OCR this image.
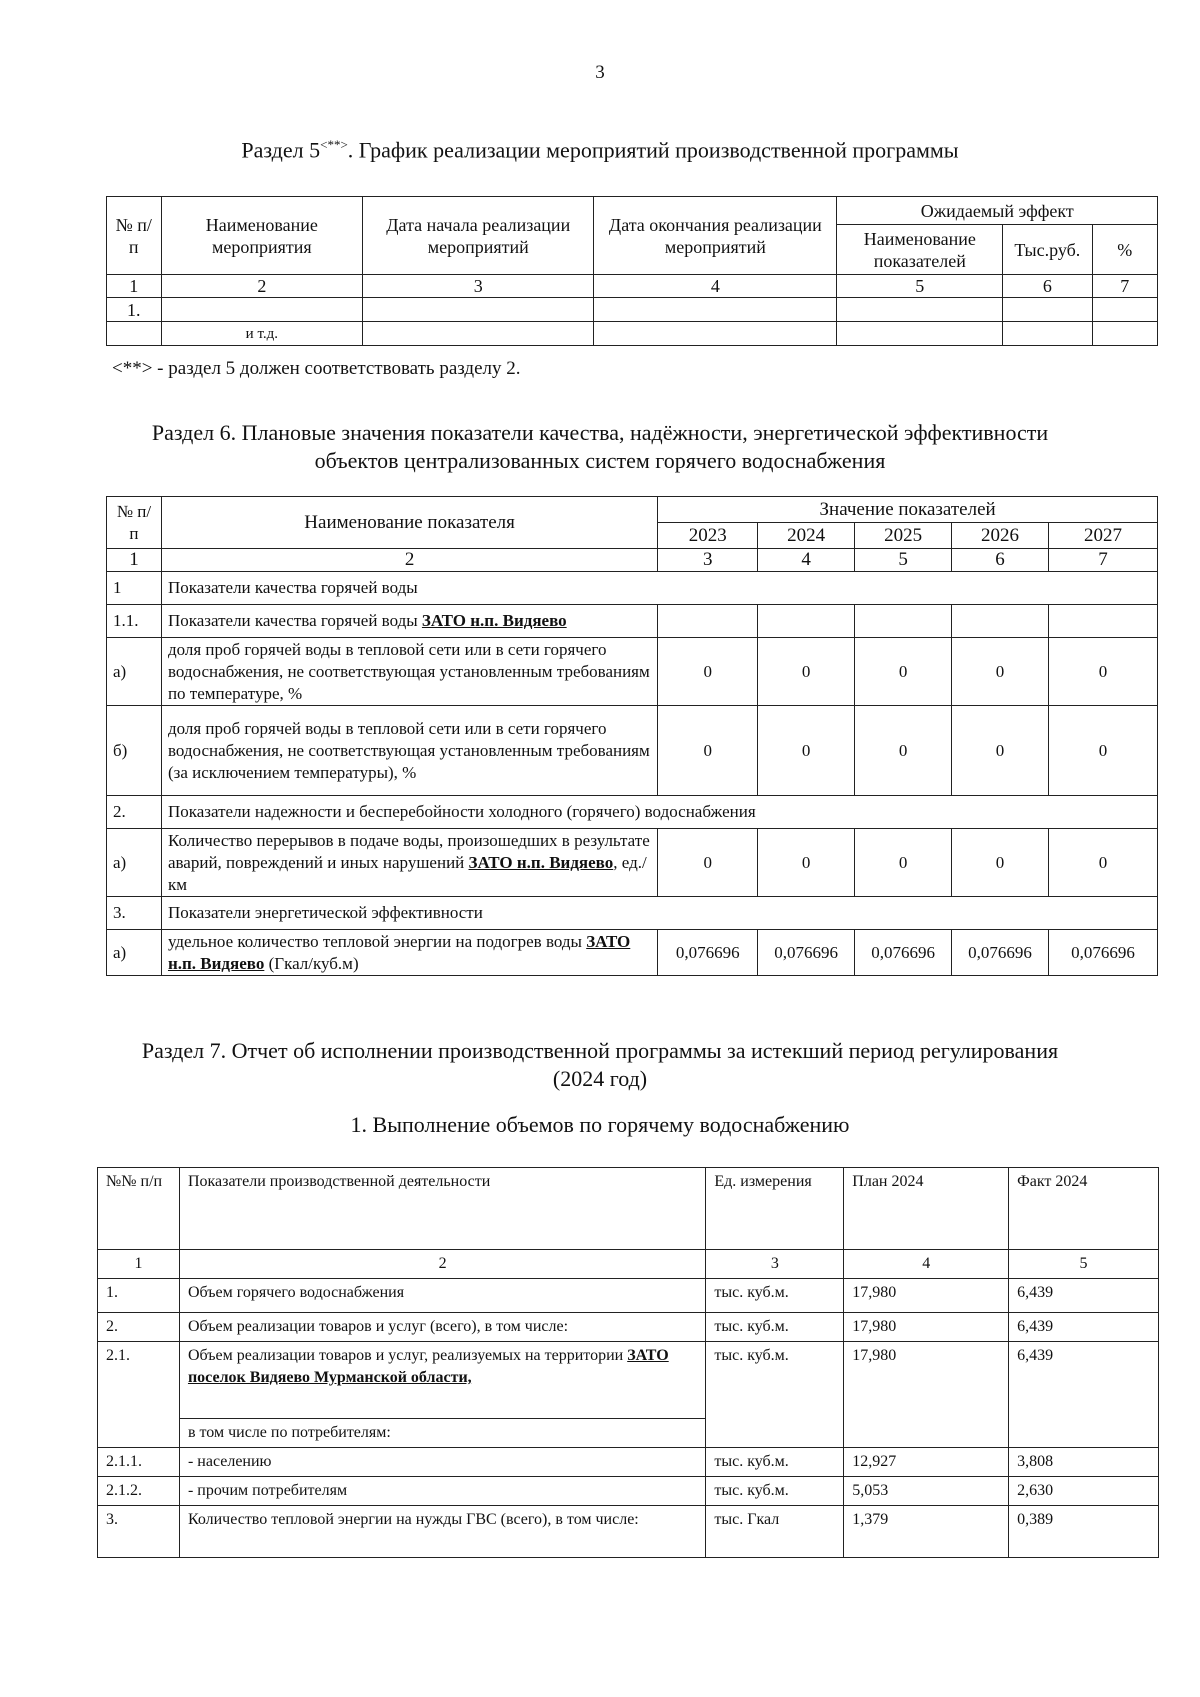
3
Раздел 5<**>. График реализации мероприятий производственной программы
№ п/п	Наименование мероприятия	Дата начала реализации мероприятий	Дата окончания реализации мероприятий	Ожидаемый эффект		
				Наименование показателей	Тыс.руб.	%
1	2	3	4	5	6	7
1.						
	и т.д.					
<**> - раздел 5 должен соответствовать разделу 2.
Раздел 6. Плановые значения показатели качества, надёжности, энергетической эффективности
объектов централизованных систем горячего водоснабжения
№ п/п	Наименование показателя	Значение показателей				
		2023	2024	2025	2026	2027
1	2	3	4	5	6	7
1	Показатели качества горячей воды					
1.1.	Показатели качества горячей воды ЗАТО н.п. Видяево					
а)	доля проб горячей воды в тепловой сети или в сети горячего водоснабжения, не соответствующая установленным требованиям по температуре, %	0	0	0	0	0
б)	доля проб горячей воды в тепловой сети или в сети горячего водоснабжения, не соответствующая установленным требованиям (за исключением температуры), %	0	0	0	0	0
2.	Показатели надежности и бесперебойности холодного (горячего) водоснабжения					
а)	Количество перерывов в подаче воды, произошедших в результате аварий, повреждений и иных нарушений ЗАТО н.п. Видяево, ед./км	0	0	0	0	0
3.	Показатели энергетической эффективности					
а)	удельное количество тепловой энергии на подогрев воды ЗАТО н.п. Видяево (Гкал/куб.м)	0,076696	0,076696	0,076696	0,076696	0,076696
Раздел 7. Отчет об исполнении производственной программы за истекший период регулирования
(2024 год)
1. Выполнение объемов по горячему водоснабжению
№№ п/п	Показатели производственной деятельности	Ед. измерения	План 2024	Факт 2024
1	2	3	4	5
1.	Объем горячего водоснабжения	тыс. куб.м.	17,980	6,439
2.	Объем реализации товаров и услуг (всего), в том числе:	тыс. куб.м.	17,980	6,439
2.1.	Объем реализации товаров и услуг, реализуемых на территории ЗАТО поселок Видяево Мурманской области,	тыс. куб.м.	17,980	6,439
	в том числе по потребителям:			
2.1.1.	- населению	тыс. куб.м.	12,927	3,808
2.1.2.	- прочим потребителям	тыс. куб.м.	5,053	2,630
3.	Количество тепловой энергии на нужды ГВС (всего), в том числе:	тыс. Гкал	1,379	0,389
